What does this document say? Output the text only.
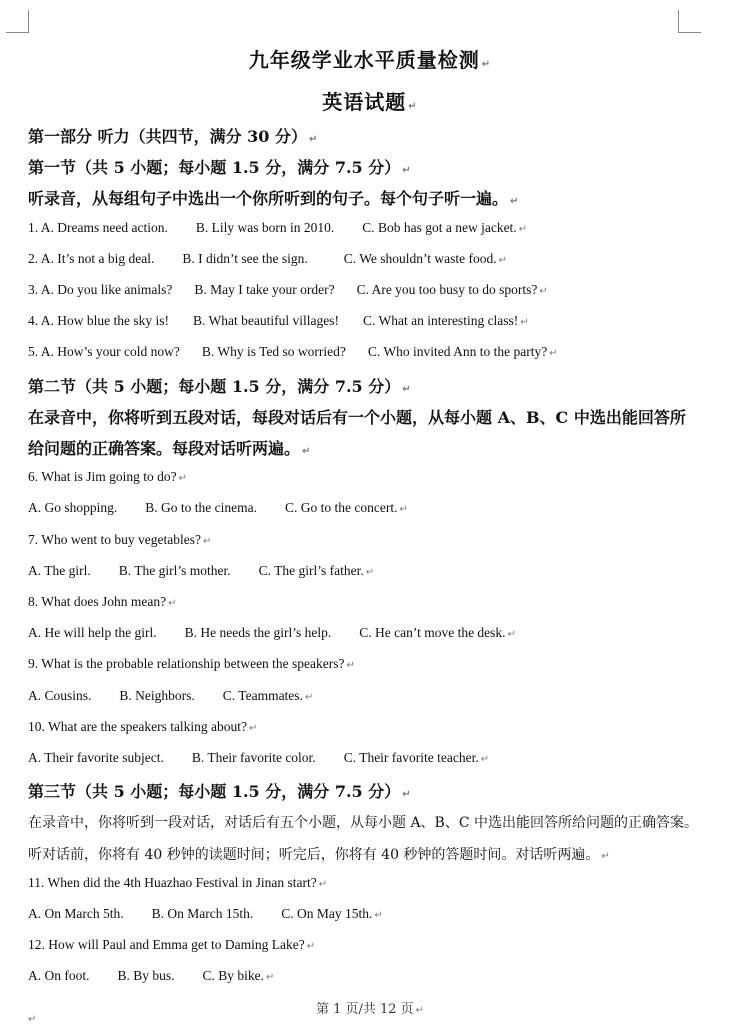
九年级学业水平质量检测 ↵
英语试题 ↵
第一部分 听力（共四节，满分 30 分） ↵
第一节（共 5 小题；每小题 1.5 分，满分 7.5 分） ↵
听录音，从每组句子中选出一个你所听到的句子。每个句子听一遍。 ↵
1. A. Dreams need action. B. Lily was born in 2010. C. Bob has got a new jacket. ↵
2. A. It’s not a big deal. B. I didn’t see the sign.	C. We shouldn’t waste food. ↵
3. A. Do you like animals? B. May I take your order? C. Are you too busy to do sports? ↵
4. A. How blue the sky is! B. What beautiful villages! C. What an interesting class! ↵
5. A. How’s your cold now? B. Why is Ted so worried? C. Who invited Ann to the party? ↵
第二节（共 5 小题；每小题 1.5 分，满分 7.5 分） ↵
在录音中，你将听到五段对话，每段对话后有一个小题，从每小题 A、B、C 中选出能回答所
给问题的正确答案。每段对话听两遍。 ↵
6. What is Jim going to do? ↵
A. Go shopping. B. Go to the cinema. C. Go to the concert. ↵
7. Who went to buy vegetables? ↵
A. The girl. B. The girl’s mother. C. The girl’s father. ↵
8. What does John mean? ↵
A. He will help the girl. B. He needs the girl’s help. C. He can’t move the desk. ↵
9. What is the probable relationship between the speakers? ↵
A. Cousins. B. Neighbors. C. Teammates. ↵
10. What are the speakers talking about? ↵
A. Their favorite subject. B. Their favorite color. C. Their favorite teacher. ↵
第三节（共 5 小题；每小题 1.5 分，满分 7.5 分） ↵
在录音中，你将听到一段对话，对话后有五个小题，从每小题 A、B、C 中选出能回答所给问题的正确答案。
听对话前，你将有 40 秒钟的读题时间；听完后，你将有 40 秒钟的答题时间。对话听两遍。 ↵
11. When did the 4th Huazhao Festival in Jinan start? ↵
A. On March 5th. B. On March 15th. C. On May 15th. ↵
12. How will Paul and Emma get to Daming Lake? ↵
A. On foot. B. By bus. C. By bike. ↵
第 1 页/共 12 页 ↵
↵
